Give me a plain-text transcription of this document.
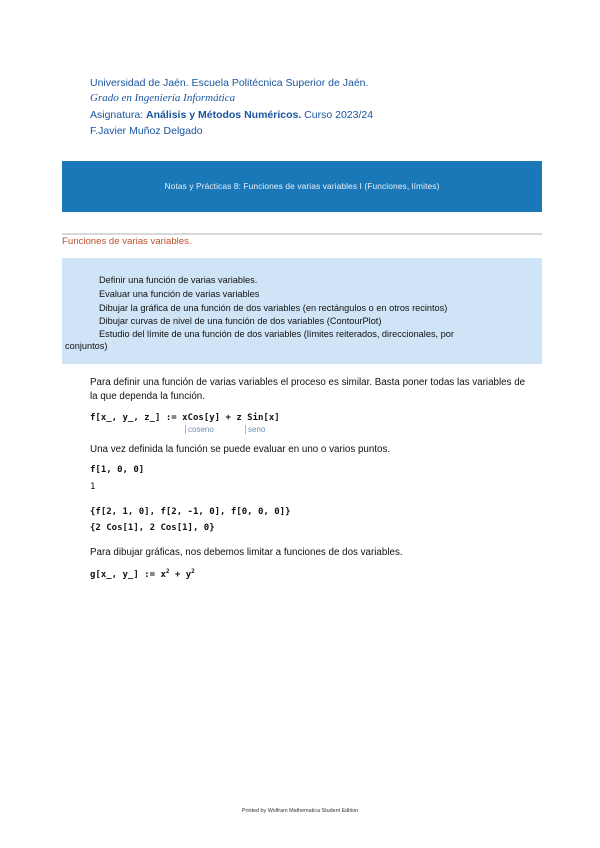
Universidad de Jaén. Escuela Politécnica Superior de Jaén.
Grado en Ingeniería Informática
Asignatura: Análisis y Métodos Numéricos. Curso 2023/24
F.Javier Muñoz Delgado
Notas y Prácticas 8: Funciones de varias variables I (Funciones, límites)
Funciones de varias variables.
Definir una función de varias variables.
Evaluar una función de varias variables
Dibujar la gráfica de una función de dos variables (en rectángulos o en otros recintos)
Dibujar curvas de nivel de una función de dos variables (ContourPlot)
Estudio del límite de una función de dos variables (límites reiterados, direccionales, por
conjuntos)
Para definir una función de varias variables el proceso es similar. Basta poner todas las variables de
la que dependa la función.
f[x_, y_, z_] := xCos[y] + z Sin[x]
coseno	seno
Una vez definida la función se puede evaluar en uno o varios puntos.
f[1, 0, 0]
1
{f[2, 1, 0], f[2, -1, 0], f[0, 0, 0]}
{2 Cos[1], 2 Cos[1], 0}
Para dibujar gráficas, nos debemos limitar a funciones de dos variables.
g[x_, y_] := $x^2 + y^2$
Printed by Wolfram Mathematica Student Edition
